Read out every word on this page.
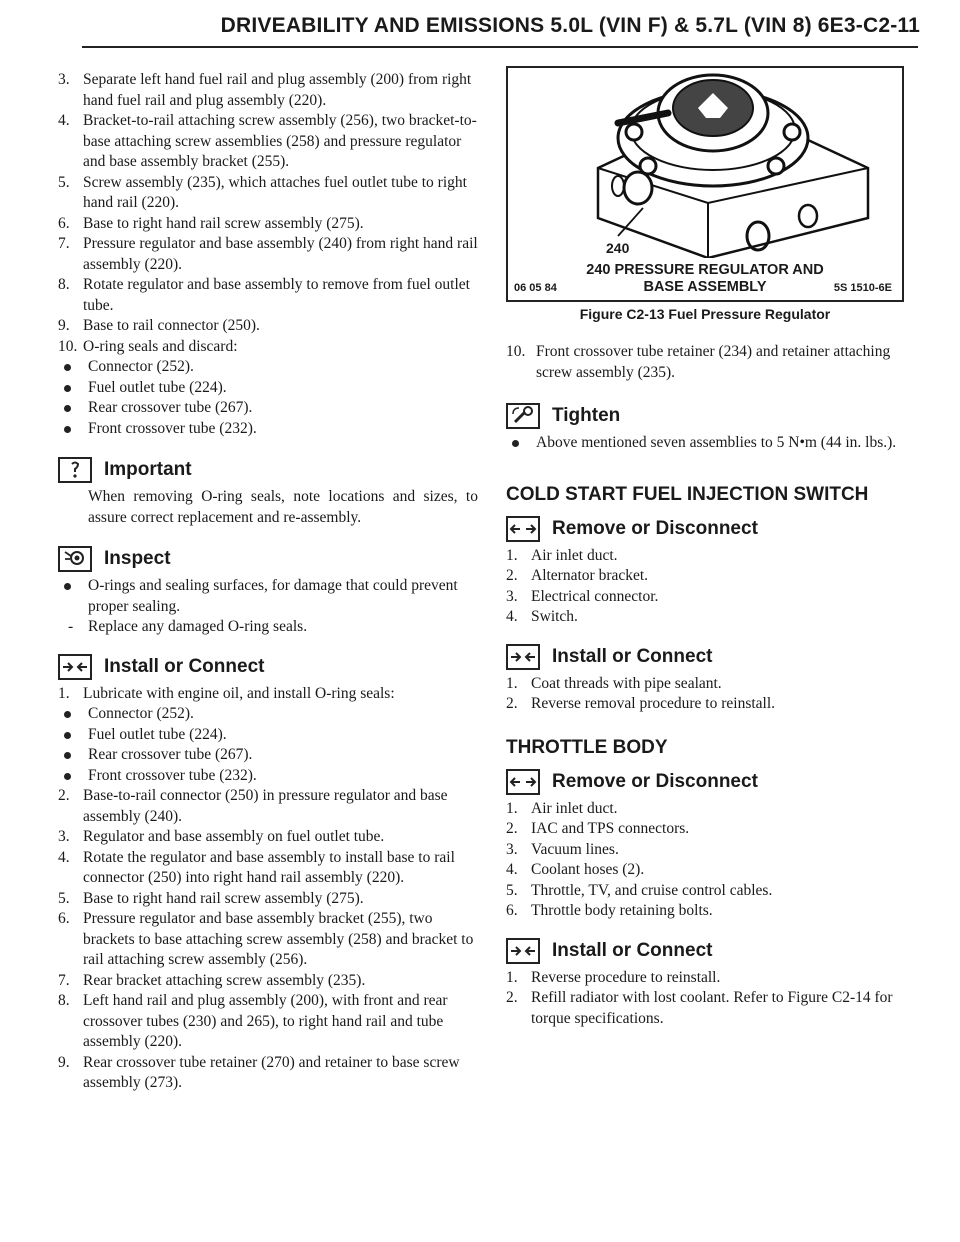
DRIVEABILITY AND EMISSIONS 5.0L (VIN F) & 5.7L (VIN 8) 6E3-C2-11
3. Separate left hand fuel rail and plug assembly (200) from right hand fuel rail and plug assembly (220).
4. Bracket-to-rail attaching screw assembly (256), two bracket-to-base attaching screw assemblies (258) and pressure regulator and base assembly bracket (255).
5. Screw assembly (235), which attaches fuel outlet tube to right hand rail (220).
6. Base to right hand rail screw assembly (275).
7. Pressure regulator and base assembly (240) from right hand rail assembly (220).
8. Rotate regulator and base assembly to remove from fuel outlet tube.
9. Base to rail connector (250).
10. O-ring seals and discard:
Connector (252).
Fuel outlet tube (224).
Rear crossover tube (267).
Front crossover tube (232).
Important
When removing O-ring seals, note locations and sizes, to assure correct replacement and re-assembly.
Inspect
O-rings and sealing surfaces, for damage that could prevent proper sealing.
- Replace any damaged O-ring seals.
Install or Connect
1. Lubricate with engine oil, and install O-ring seals:
Connector (252).
Fuel outlet tube (224).
Rear crossover tube (267).
Front crossover tube (232).
2. Base-to-rail connector (250) in pressure regulator and base assembly (240).
3. Regulator and base assembly on fuel outlet tube.
4. Rotate the regulator and base assembly to install base to rail connector (250) into right hand rail assembly (220).
5. Base to right hand rail screw assembly (275).
6. Pressure regulator and base assembly bracket (255), two brackets to base attaching screw assembly (258) and bracket to rail attaching screw assembly (256).
7. Rear bracket attaching screw assembly (235).
8. Left hand rail and plug assembly (200), with front and rear crossover tubes (230) and 265), to right hand rail and tube assembly (220).
9. Rear crossover tube retainer (270) and retainer to base screw assembly (273).
240
06 05 84	5S 1510-6E
240 PRESSURE REGULATOR AND
BASE ASSEMBLY
Figure C2-13 Fuel Pressure Regulator
10. Front crossover tube retainer (234) and retainer attaching screw assembly (235).
Tighten
Above mentioned seven assemblies to 5 N•m (44 in. lbs.).
COLD START FUEL INJECTION SWITCH
Remove or Disconnect
1. Air inlet duct.
2. Alternator bracket.
3. Electrical connector.
4. Switch.
Install or Connect
1. Coat threads with pipe sealant.
2. Reverse removal procedure to reinstall.
THROTTLE BODY
Remove or Disconnect
1. Air inlet duct.
2. IAC and TPS connectors.
3. Vacuum lines.
4. Coolant hoses (2).
5. Throttle, TV, and cruise control cables.
6. Throttle body retaining bolts.
Install or Connect
1. Reverse procedure to reinstall.
2. Refill radiator with lost coolant. Refer to Figure C2-14 for torque specifications.
